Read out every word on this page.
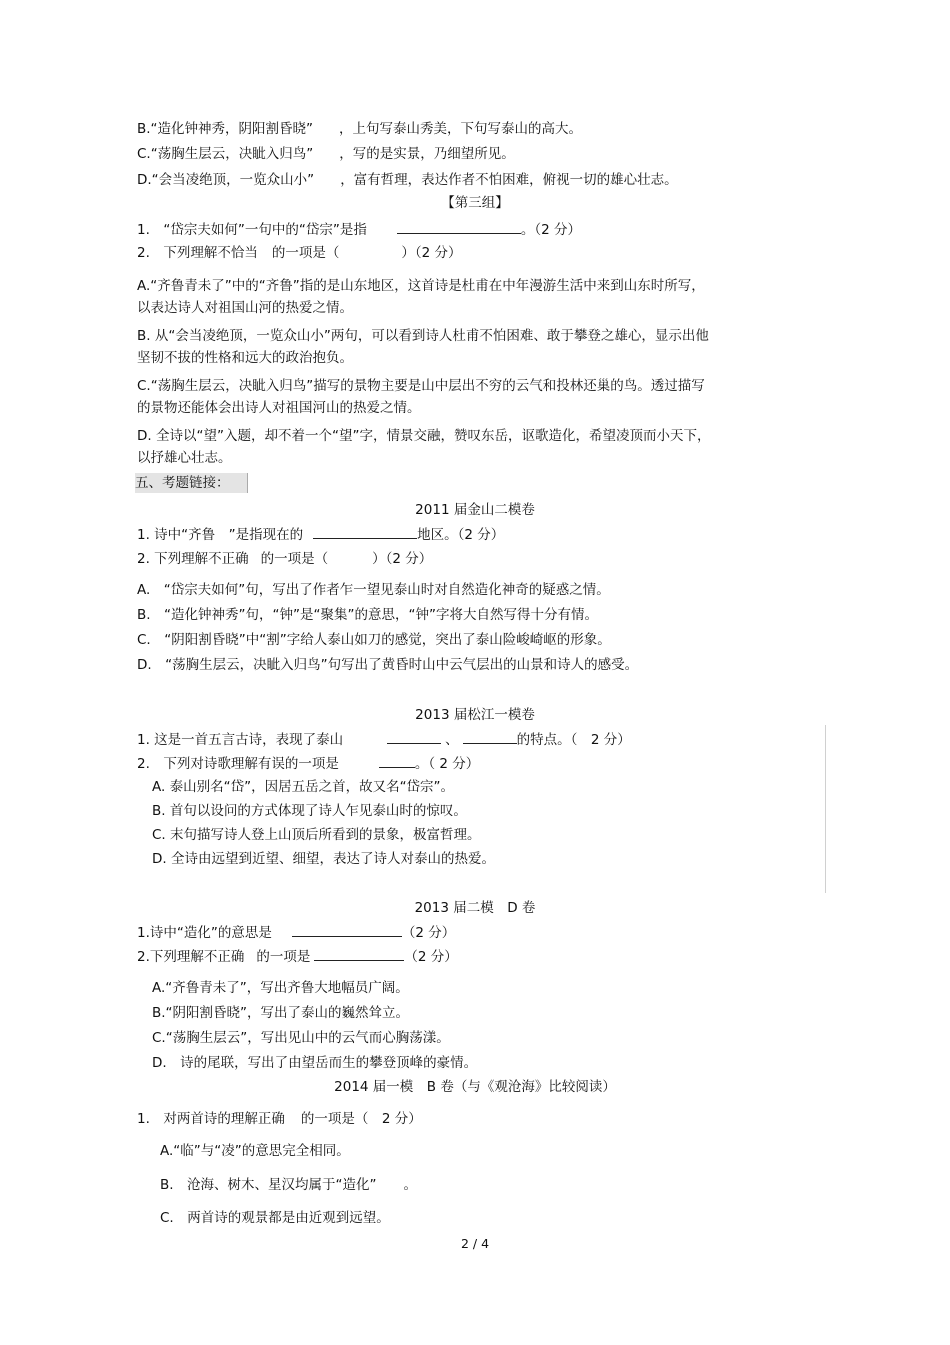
B.“造化钟神秀，阴阳割昏晓” ，上句写泰山秀美，下句写泰山的高大。
C.“荡胸生层云，决眦入归鸟” ，写的是实景，乃细望所见。
D.“会当凌绝顶，一览众山小” ，富有哲理，表达作者不怕困难，俯视一切的雄心壮志。
【第三组】
1.　“岱宗夫如何”一句中的“岱宗”是指	。（2 分）
2.　下列理解不恰当 的一项是（	）（2 分）
A.“齐鲁青未了”中的“齐鲁”指的是山东地区，这首诗是杜甫在中年漫游生活中来到山东时所写，
以表达诗人对祖国山河的热爱之情。
B. 从“会当凌绝顶，一览众山小”两句，可以看到诗人杜甫不怕困难、敢于攀登之雄心，显示出他
坚韧不拔的性格和远大的政治抱负。
C.“荡胸生层云，决眦入归鸟”描写的景物主要是山中层出不穷的云气和投林还巢的鸟。透过描写
的景物还能体会出诗人对祖国河山的热爱之情。
D. 全诗以“望”入题，却不着一个“望”字，情景交融，赞叹东岳，讴歌造化，希望凌顶而小天下，
以抒雄心壮志。
五、考题链接：
2011 届金山二模卷
1. 诗中“齐鲁　”是指现在的	地区。（2 分）
2. 下列理解不正确 的一项是（	）（2 分）
A.　“岱宗夫如何”句，写出了作者乍一望见泰山时对自然造化神奇的疑惑之情。
B.　“造化钟神秀”句，“钟”是“聚集”的意思，“钟”字将大自然写得十分有情。
C.　“阴阳割昏晓”中“割”字给人泰山如刀的感觉，突出了泰山险峻崎岖的形象。
D.　“荡胸生层云，决眦入归鸟”句写出了黄昏时山中云气层出的山景和诗人的感受。
2013 届松江一模卷
1. 这是一首五言古诗，表现了泰山	、	的特点。（　2 分）
2.　下列对诗歌理解有误的一项是	。（ 2 分）
A. 泰山别名“岱”，因居五岳之首，故又名“岱宗”。
B. 首句以设问的方式体现了诗人乍见泰山时的惊叹。
C. 末句描写诗人登上山顶后所看到的景象，极富哲理。
D. 全诗由远望到近望、细望，表达了诗人对泰山的热爱。
2013 届二模　D 卷
1.诗中“造化”的意思是	（2 分）
2.下列理解不正确 的一项是	（2 分）
A.“齐鲁青未了”，写出齐鲁大地幅员广阔。
B.“阴阳割昏晓”，写出了泰山的巍然耸立。
C.“荡胸生层云”，写出见山中的云气而心胸荡漾。
D.　诗的尾联，写出了由望岳而生的攀登顶峰的豪情。
2014 届一模　B 卷（与《观沧海》比较阅读）
1.　对两首诗的理解正确 的一项是（　2 分）
A.“临”与“凌”的意思完全相同。
B.　沧海、树木、星汉均属于“造化”　　。
C.　两首诗的观景都是由近观到远望。
2 / 4
